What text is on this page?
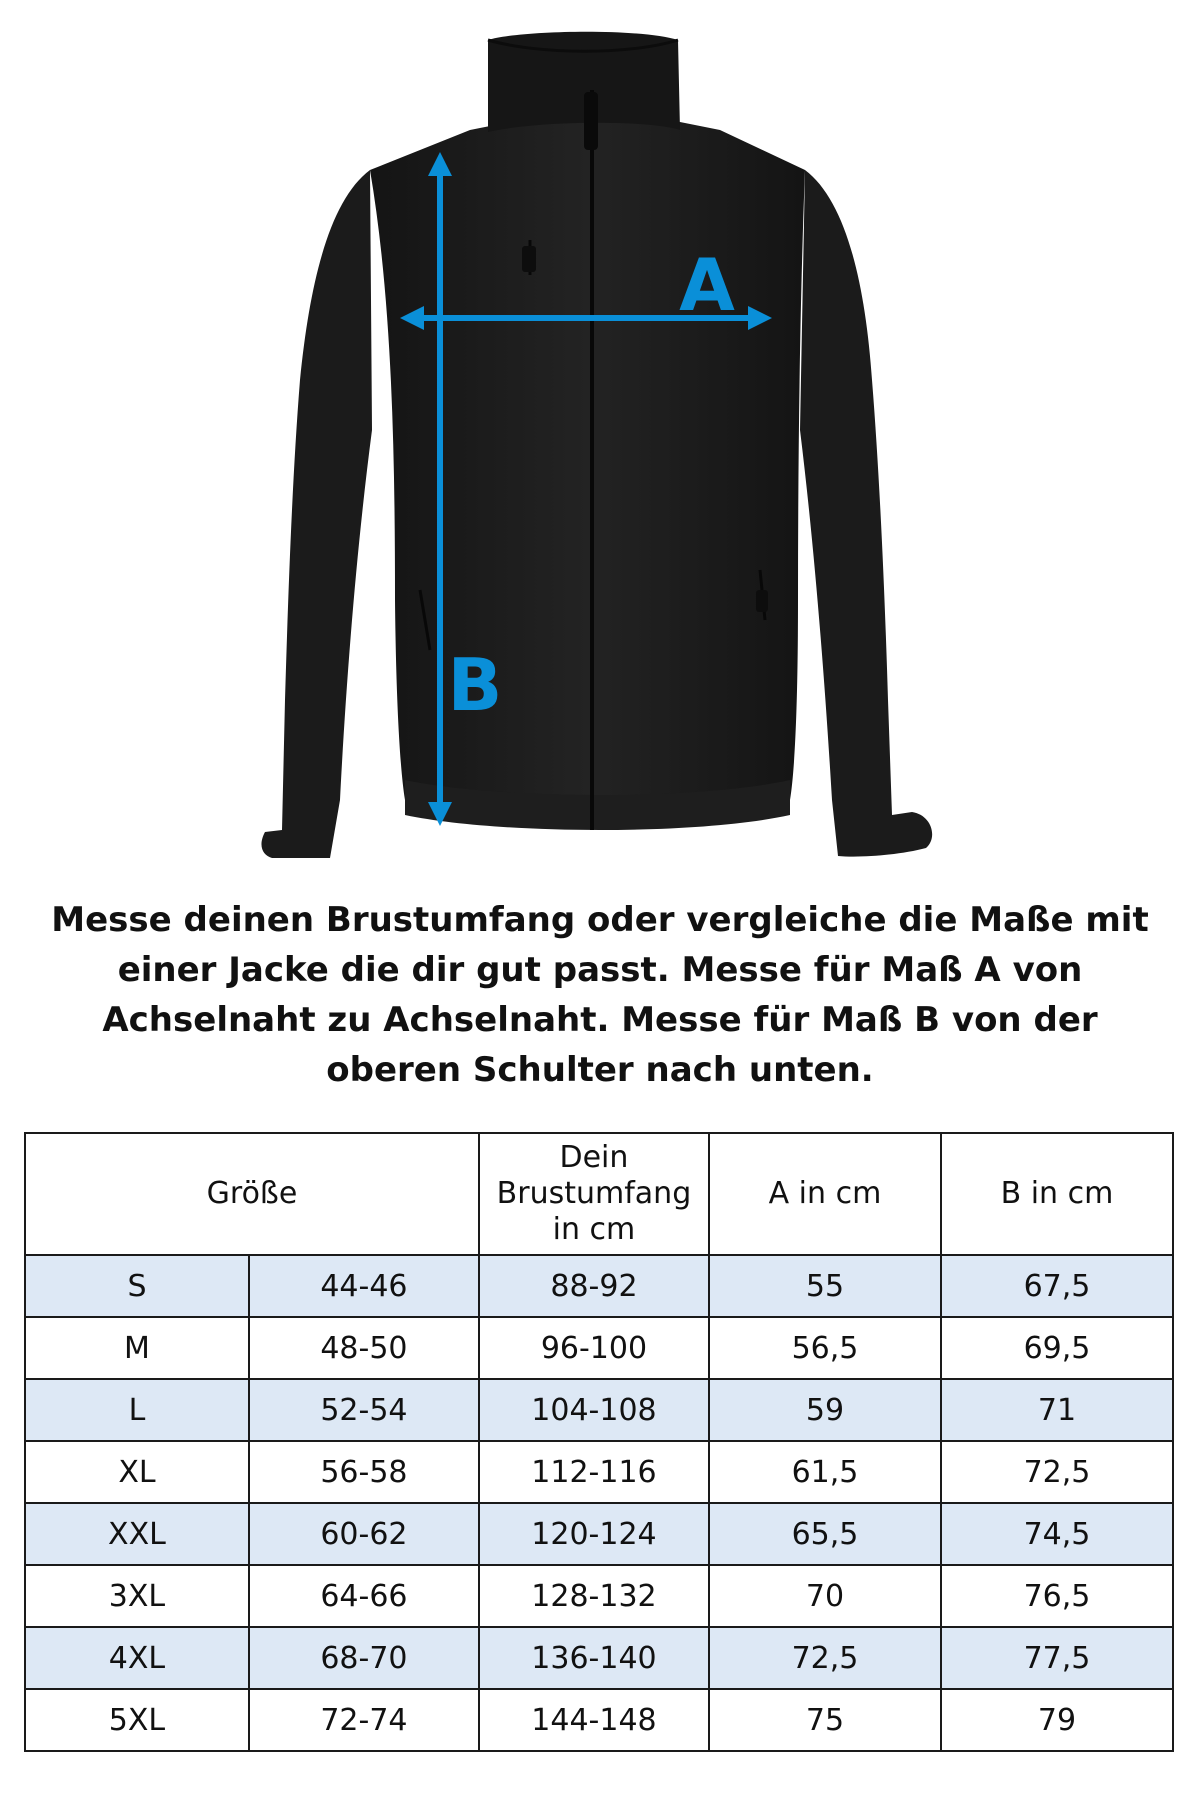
A
B

Messe deinen Brustumfang oder vergleiche die Maße mit einer Jacke die dir gut passt. Messe für Maß A von Achselnaht zu Achselnaht. Messe für Maß B von der oberen Schulter nach unten.

Größe		Dein Brustumfang in cm	A in cm	B in cm
S	44-46	88-92	55	67,5
M	48-50	96-100	56,5	69,5
L	52-54	104-108	59	71
XL	56-58	112-116	61,5	72,5
XXL	60-62	120-124	65,5	74,5
3XL	64-66	128-132	70	76,5
4XL	68-70	136-140	72,5	77,5
5XL	72-74	144-148	75	79
